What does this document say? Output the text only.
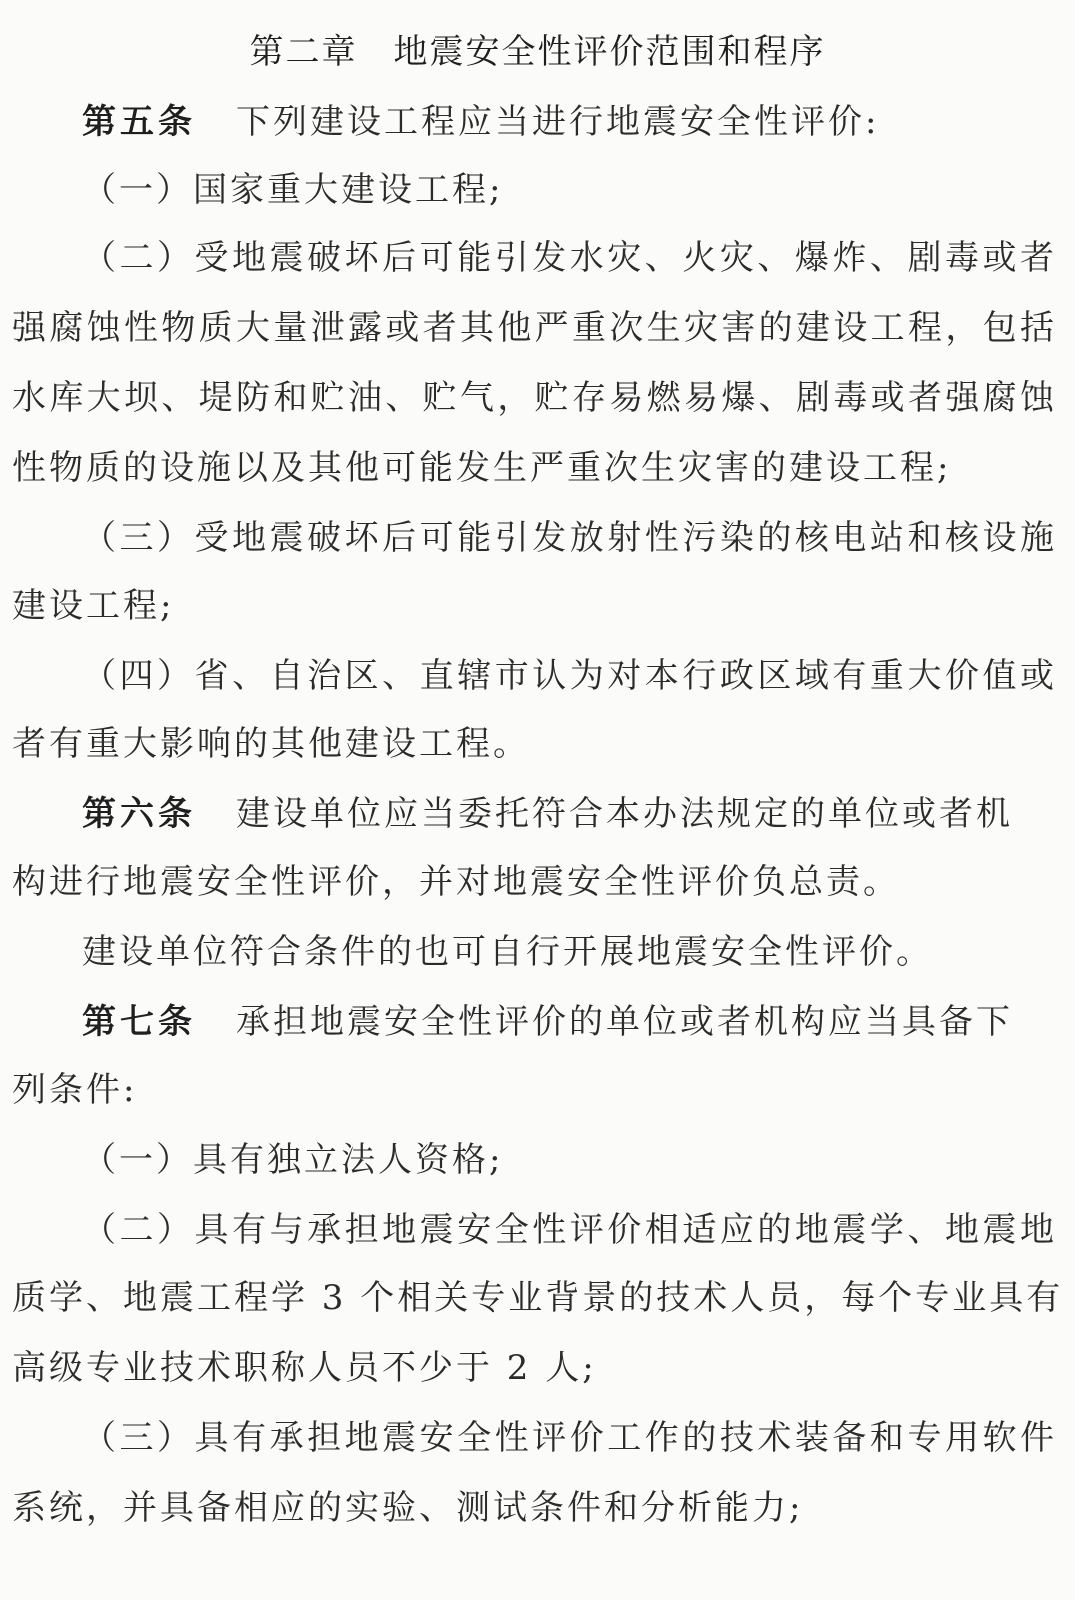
第二章　地震安全性评价范围和程序
第五条 下列建设工程应当进行地震安全性评价:
（一）国家重大建设工程;
（二）受地震破坏后可能引发水灾、火灾、爆炸、剧毒或者
强腐蚀性物质大量泄露或者其他严重次生灾害的建设工程，包括
水库大坝、堤防和贮油、贮气，贮存易燃易爆、剧毒或者强腐蚀
性物质的设施以及其他可能发生严重次生灾害的建设工程;
（三）受地震破坏后可能引发放射性污染的核电站和核设施
建设工程;
（四）省、自治区、直辖市认为对本行政区域有重大价值或
者有重大影响的其他建设工程。
第六条 建设单位应当委托符合本办法规定的单位或者机
构进行地震安全性评价，并对地震安全性评价负总责。
建设单位符合条件的也可自行开展地震安全性评价。
第七条 承担地震安全性评价的单位或者机构应当具备下
列条件:
（一）具有独立法人资格;
（二）具有与承担地震安全性评价相适应的地震学、地震地
质学、地震工程学 3 个相关专业背景的技术人员，每个专业具有
高级专业技术职称人员不少于 2 人;
（三）具有承担地震安全性评价工作的技术装备和专用软件
系统，并具备相应的实验、测试条件和分析能力;
